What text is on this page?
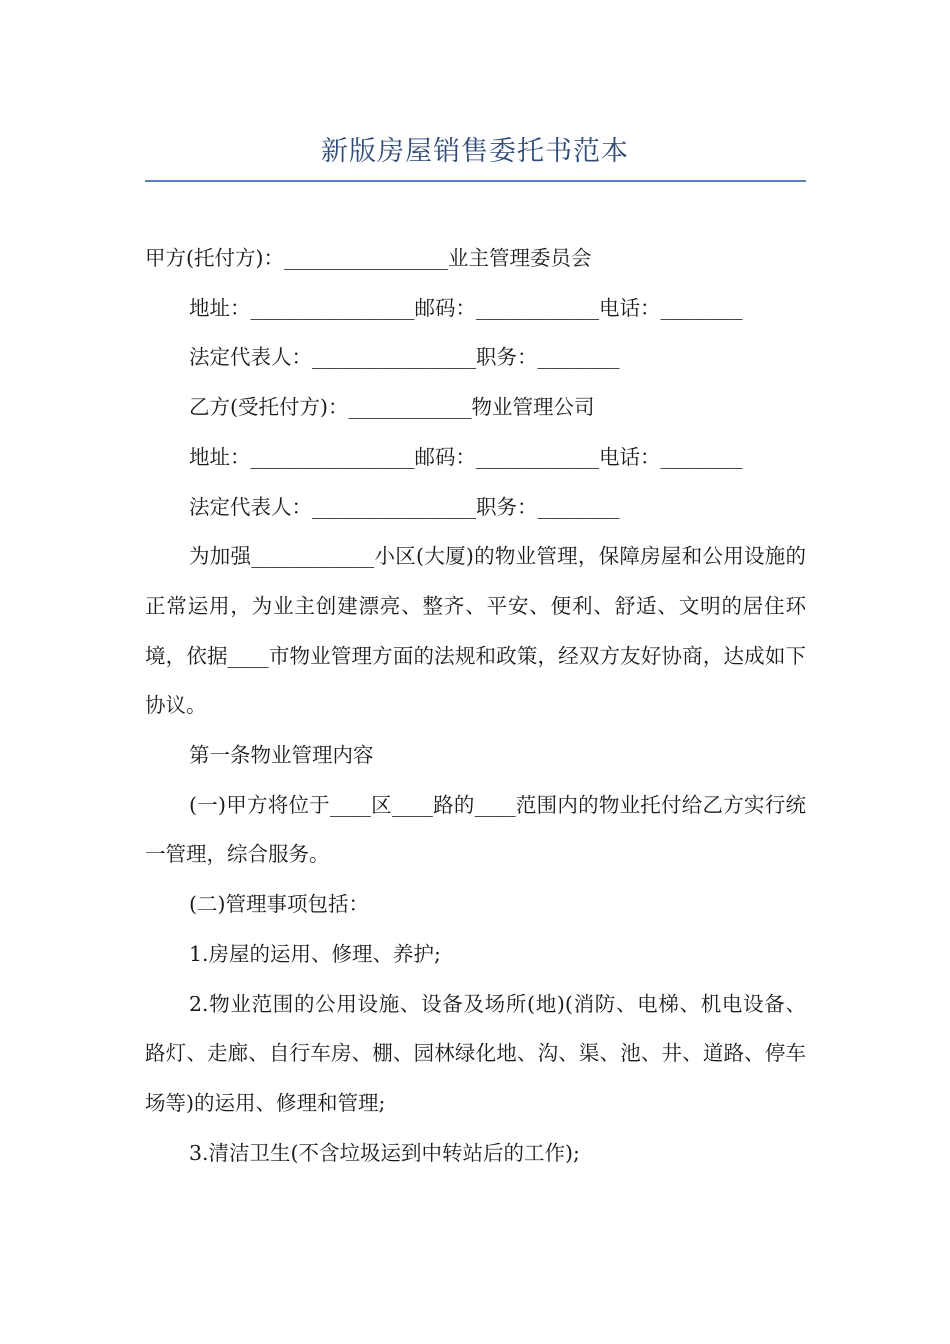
新版房屋销售委托书范本

甲方(托付方)：________________业主管理委员会

地址：________________邮码：____________电话：________

法定代表人：________________职务：________

乙方(受托付方)：____________物业管理公司

地址：________________邮码：____________电话：________

法定代表人：________________职务：________

为加强____________小区(大厦)的物业管理，保障房屋和公用设施的正常运用，为业主创建漂亮、整齐、平安、便利、舒适、文明的居住环境，依据____市物业管理方面的法规和政策，经双方友好协商，达成如下协议。

第一条物业管理内容

(一)甲方将位于____区____路的____范围内的物业托付给乙方实行统一管理，综合服务。

(二)管理事项包括：

1.房屋的运用、修理、养护;

2.物业范围的公用设施、设备及场所(地)(消防、电梯、机电设备、路灯、走廊、自行车房、棚、园林绿化地、沟、渠、池、井、道路、停车场等)的运用、修理和管理;

3.清洁卫生(不含垃圾运到中转站后的工作);
